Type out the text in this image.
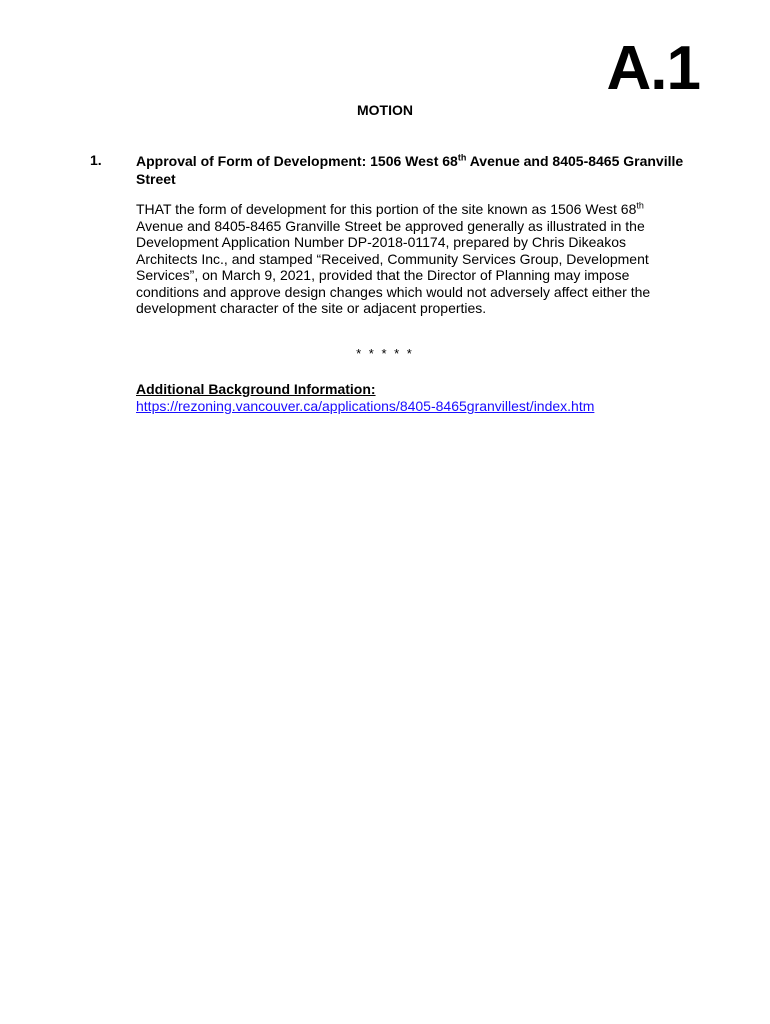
A.1
MOTION
1. Approval of Form of Development: 1506 West 68th Avenue and 8405-8465 Granville Street
THAT the form of development for this portion of the site known as 1506 West 68th Avenue and 8405-8465 Granville Street be approved generally as illustrated in the Development Application Number DP-2018-01174, prepared by Chris Dikeakos Architects Inc., and stamped “Received, Community Services Group, Development Services”, on March 9, 2021, provided that the Director of Planning may impose conditions and approve design changes which would not adversely affect either the development character of the site or adjacent properties.
* * * * *
Additional Background Information:
https://rezoning.vancouver.ca/applications/8405-8465granvillest/index.htm
